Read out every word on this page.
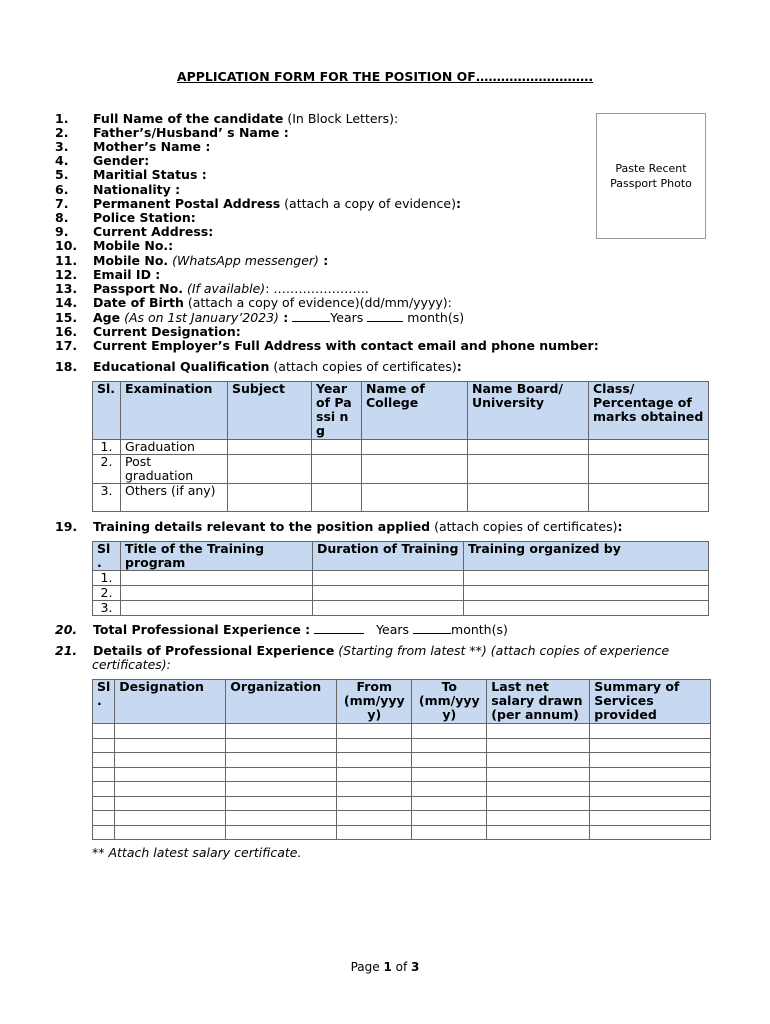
APPLICATION FORM FOR THE POSITION OF……………………….
Paste Recent
Passport Photo
1. Full Name of the candidate (In Block Letters):
2. Father’s/Husband’ s Name :
3. Mother’s Name :
4. Gender:
5. Maritial Status :
6. Nationality :
7. Permanent Postal Address (attach a copy of evidence):
8. Police Station:
9. Current Address:
10. Mobile No.:
11. Mobile No. (WhatsApp messenger) :
12. Email ID :
13. Passport No. (If available): …………………..
14. Date of Birth (attach a copy of evidence)(dd/mm/yyyy):
15. Age (As on 1st January’2023) :	Years	month(s)
16. Current Designation:
17. Current Employer’s Full Address with contact email and phone number:
18. Educational Qualification (attach copies of certificates):
Sl.	Examination	Subject	Year of Passi ng	Name of College	Name Board/ University	Class/ Percentage of marks obtained
1.	Graduation					
2.	Post graduation					
3.	Others (if any)					
19. Training details relevant to the position applied (attach copies of certificates):
Sl .	Title of the Training program	Duration of Training	Training organized by
1.			
2.			
3.			
20. Total Professional Experience :	Years	month(s)
21. Details of Professional Experience (Starting from latest **) (attach copies of experience
certificates):
Sl .	Designation	Organization	From (mm/yyy y)	To (mm/yyy y)	Last net salary drawn (per annum)	Summary of Services provided

** Attach latest salary certificate.
Page 1 of 3
